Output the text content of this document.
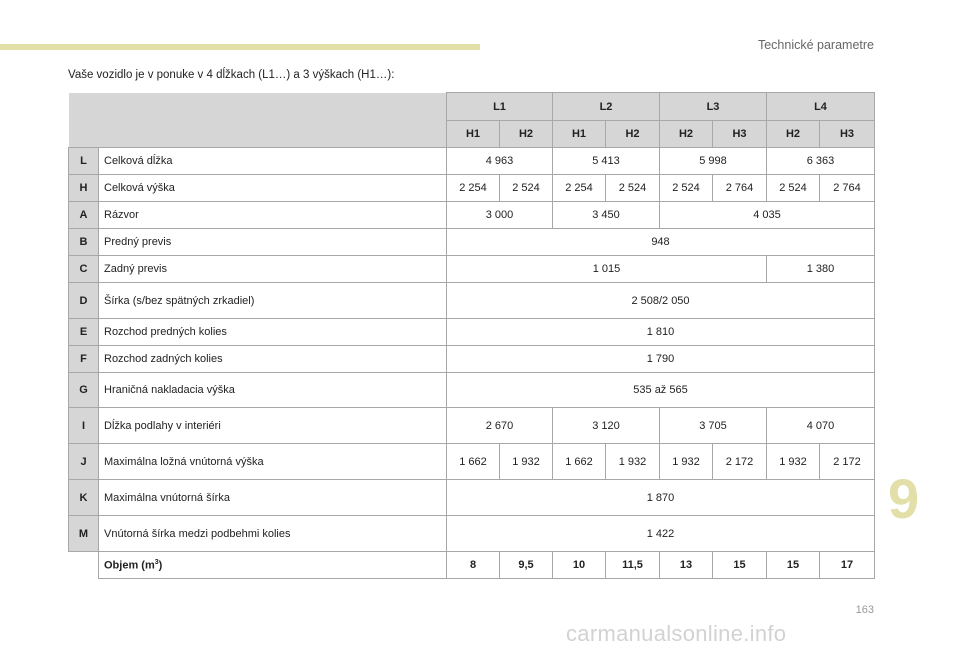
Technické parametre
Vaše vozidlo je v ponuke v 4 dĺžkach (L1…) a 3 výškach (H1…):
		L1		L2		L3		L4	
		H1	H2	H1	H2	H2	H3	H2	H3
L	Celková dĺžka	4 963		5 413		5 998		6 363	
H	Celková výška	2 254	2 524	2 254	2 524	2 524	2 764	2 524	2 764
A	Rázvor	3 000		3 450		4 035			
B	Predný previs	948							
C	Zadný previs	1 015						1 380	
D	Šírka (s/bez spätných zrkadiel)	2 508/2 050							
E	Rozchod predných kolies	1 810							
F	Rozchod zadných kolies	1 790							
G	Hraničná nakladacia výška	535 až 565							
I	Dĺžka podlahy v interiéri	2 670		3 120		3 705		4 070	
J	Maximálna ložná vnútorná výška	1 662	1 932	1 662	1 932	1 932	2 172	1 932	2 172
K	Maximálna vnútorná šírka	1 870							
M	Vnútorná šírka medzi podbehmi kolies	1 422							
	Objem $(m^3)$	8	9,5	10	11,5	13	15	15	17
9
163
carmanualsonline.info
